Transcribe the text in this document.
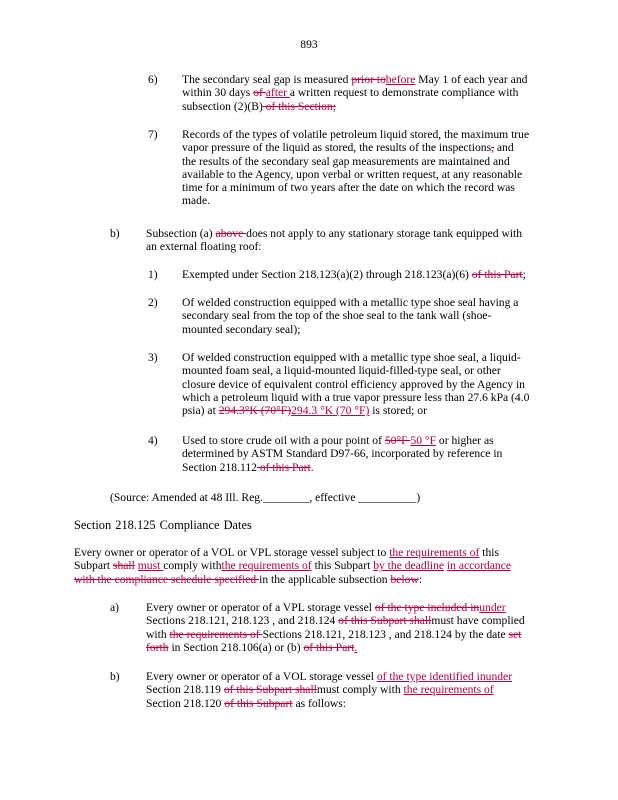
893
6) The secondary seal gap is measured prior tobefore May 1 of each year and
within 30 days of after a written request to demonstrate compliance with
subsection (2)(B) of this Section;
7) Records of the types of volatile petroleum liquid stored, the maximum true
vapor pressure of the liquid as stored, the results of the inspections, and
the results of the secondary seal gap measurements are maintained and
available to the Agency, upon verbal or written request, at any reasonable
time for a minimum of two years after the date on which the record was
made.
b) Subsection (a) above does not apply to any stationary storage tank equipped with
an external floating roof:
1) Exempted under Section 218.123(a)(2) through 218.123(a)(6) of this Part;
2) Of welded construction equipped with a metallic type shoe seal having a secondary seal from the top of the shoe seal to the tank wall (shoe-mounted secondary seal);
3) Of welded construction equipped with a metallic type shoe seal, a liquid-
mounted foam seal, a liquid-mounted liquid-filled-type seal, or other
closure device of equivalent control efficiency approved by the Agency in
which a petroleum liquid with a true vapor pressure less than 27.6 kPa (4.0
psia) at 294.3°K (70°F)294.3 °K (70 °F) is stored; or
4) Used to store crude oil with a pour point of 50°F 50 °F or higher as
determined by ASTM Standard D97-66, incorporated by reference in
Section 218.112 of this Part.
(Source: Amended at 48 Ill. Reg.________, effective __________)
Section 218.125 Compliance Dates
Every owner or operator of a VOL or VPL storage vessel subject to the requirements of this
Subpart shall must comply withthe requirements of this Subpart by the deadline in accordance
with the compliance schedule specified in the applicable subsection below:
a) Every owner or operator of a VPL storage vessel of the type included inunder
Sections 218.121, 218.123 , and 218.124 of this Subpart shallmust have complied
with the requirements of Sections 218.121, 218.123 , and 218.124 by the date set
forth in Section 218.106(a) or (b) of this Part.
b) Every owner or operator of a VOL storage vessel of the type identified inunder
Section 218.119 of this Subpart shallmust comply with the requirements of
Section 218.120 of this Subpart as follows:
